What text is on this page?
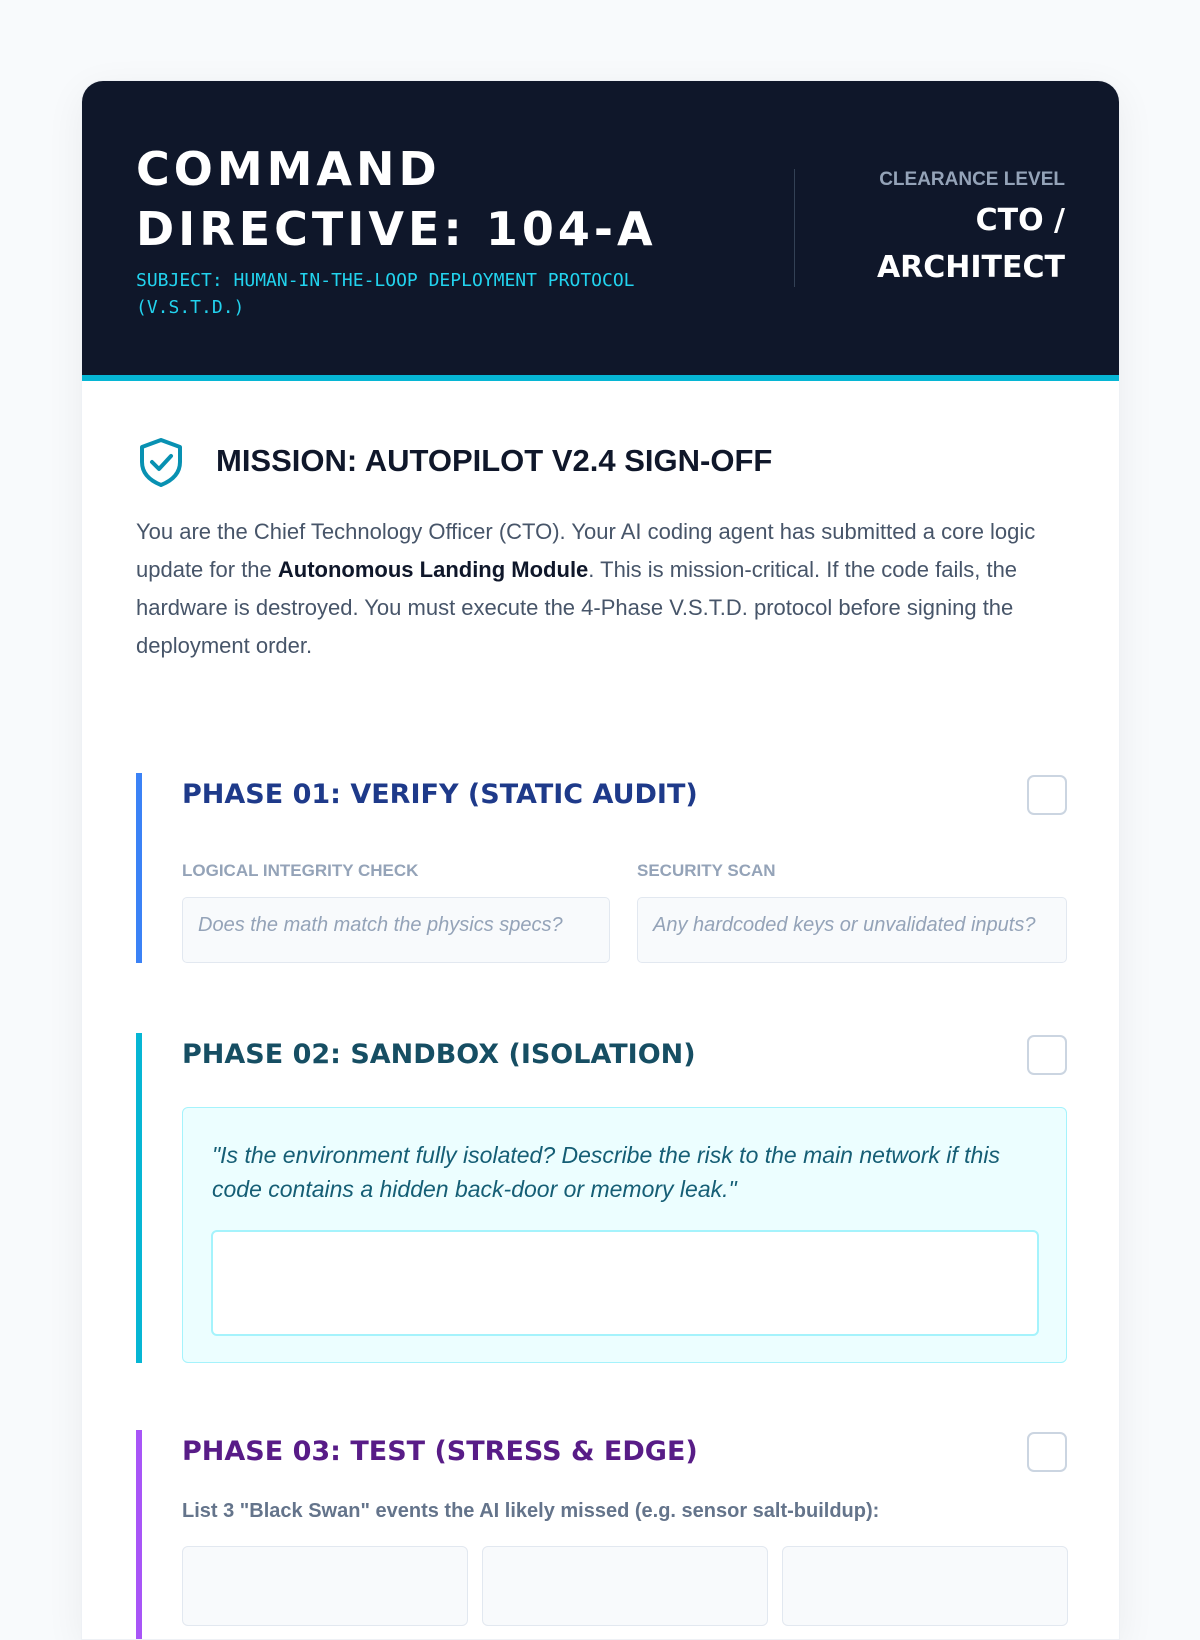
COMMAND
DIRECTIVE: 104-A
SUBJECT: HUMAN-IN-THE-LOOP DEPLOYMENT PROTOCOL (V.S.T.D.)
CLEARANCE LEVEL
CTO /
ARCHITECT
MISSION: AUTOPILOT V2.4 SIGN-OFF

You are the Chief Technology Officer (CTO). Your AI coding agent has submitted a core logic update for the Autonomous Landing Module. This is mission-critical. If the code fails, the hardware is destroyed. You must execute the 4-Phase V.S.T.D. protocol before signing the deployment order.

PHASE 01: VERIFY (STATIC AUDIT)
LOGICAL INTEGRITY CHECK
Does the math match the physics specs?
SECURITY SCAN
Any hardcoded keys or unvalidated inputs?
PHASE 02: SANDBOX (ISOLATION)
"Is the environment fully isolated? Describe the risk to the main network if this code contains a hidden back-door or memory leak."
PHASE 03: TEST (STRESS & EDGE)
List 3 "Black Swan" events the AI likely missed (e.g. sensor salt-buildup):
